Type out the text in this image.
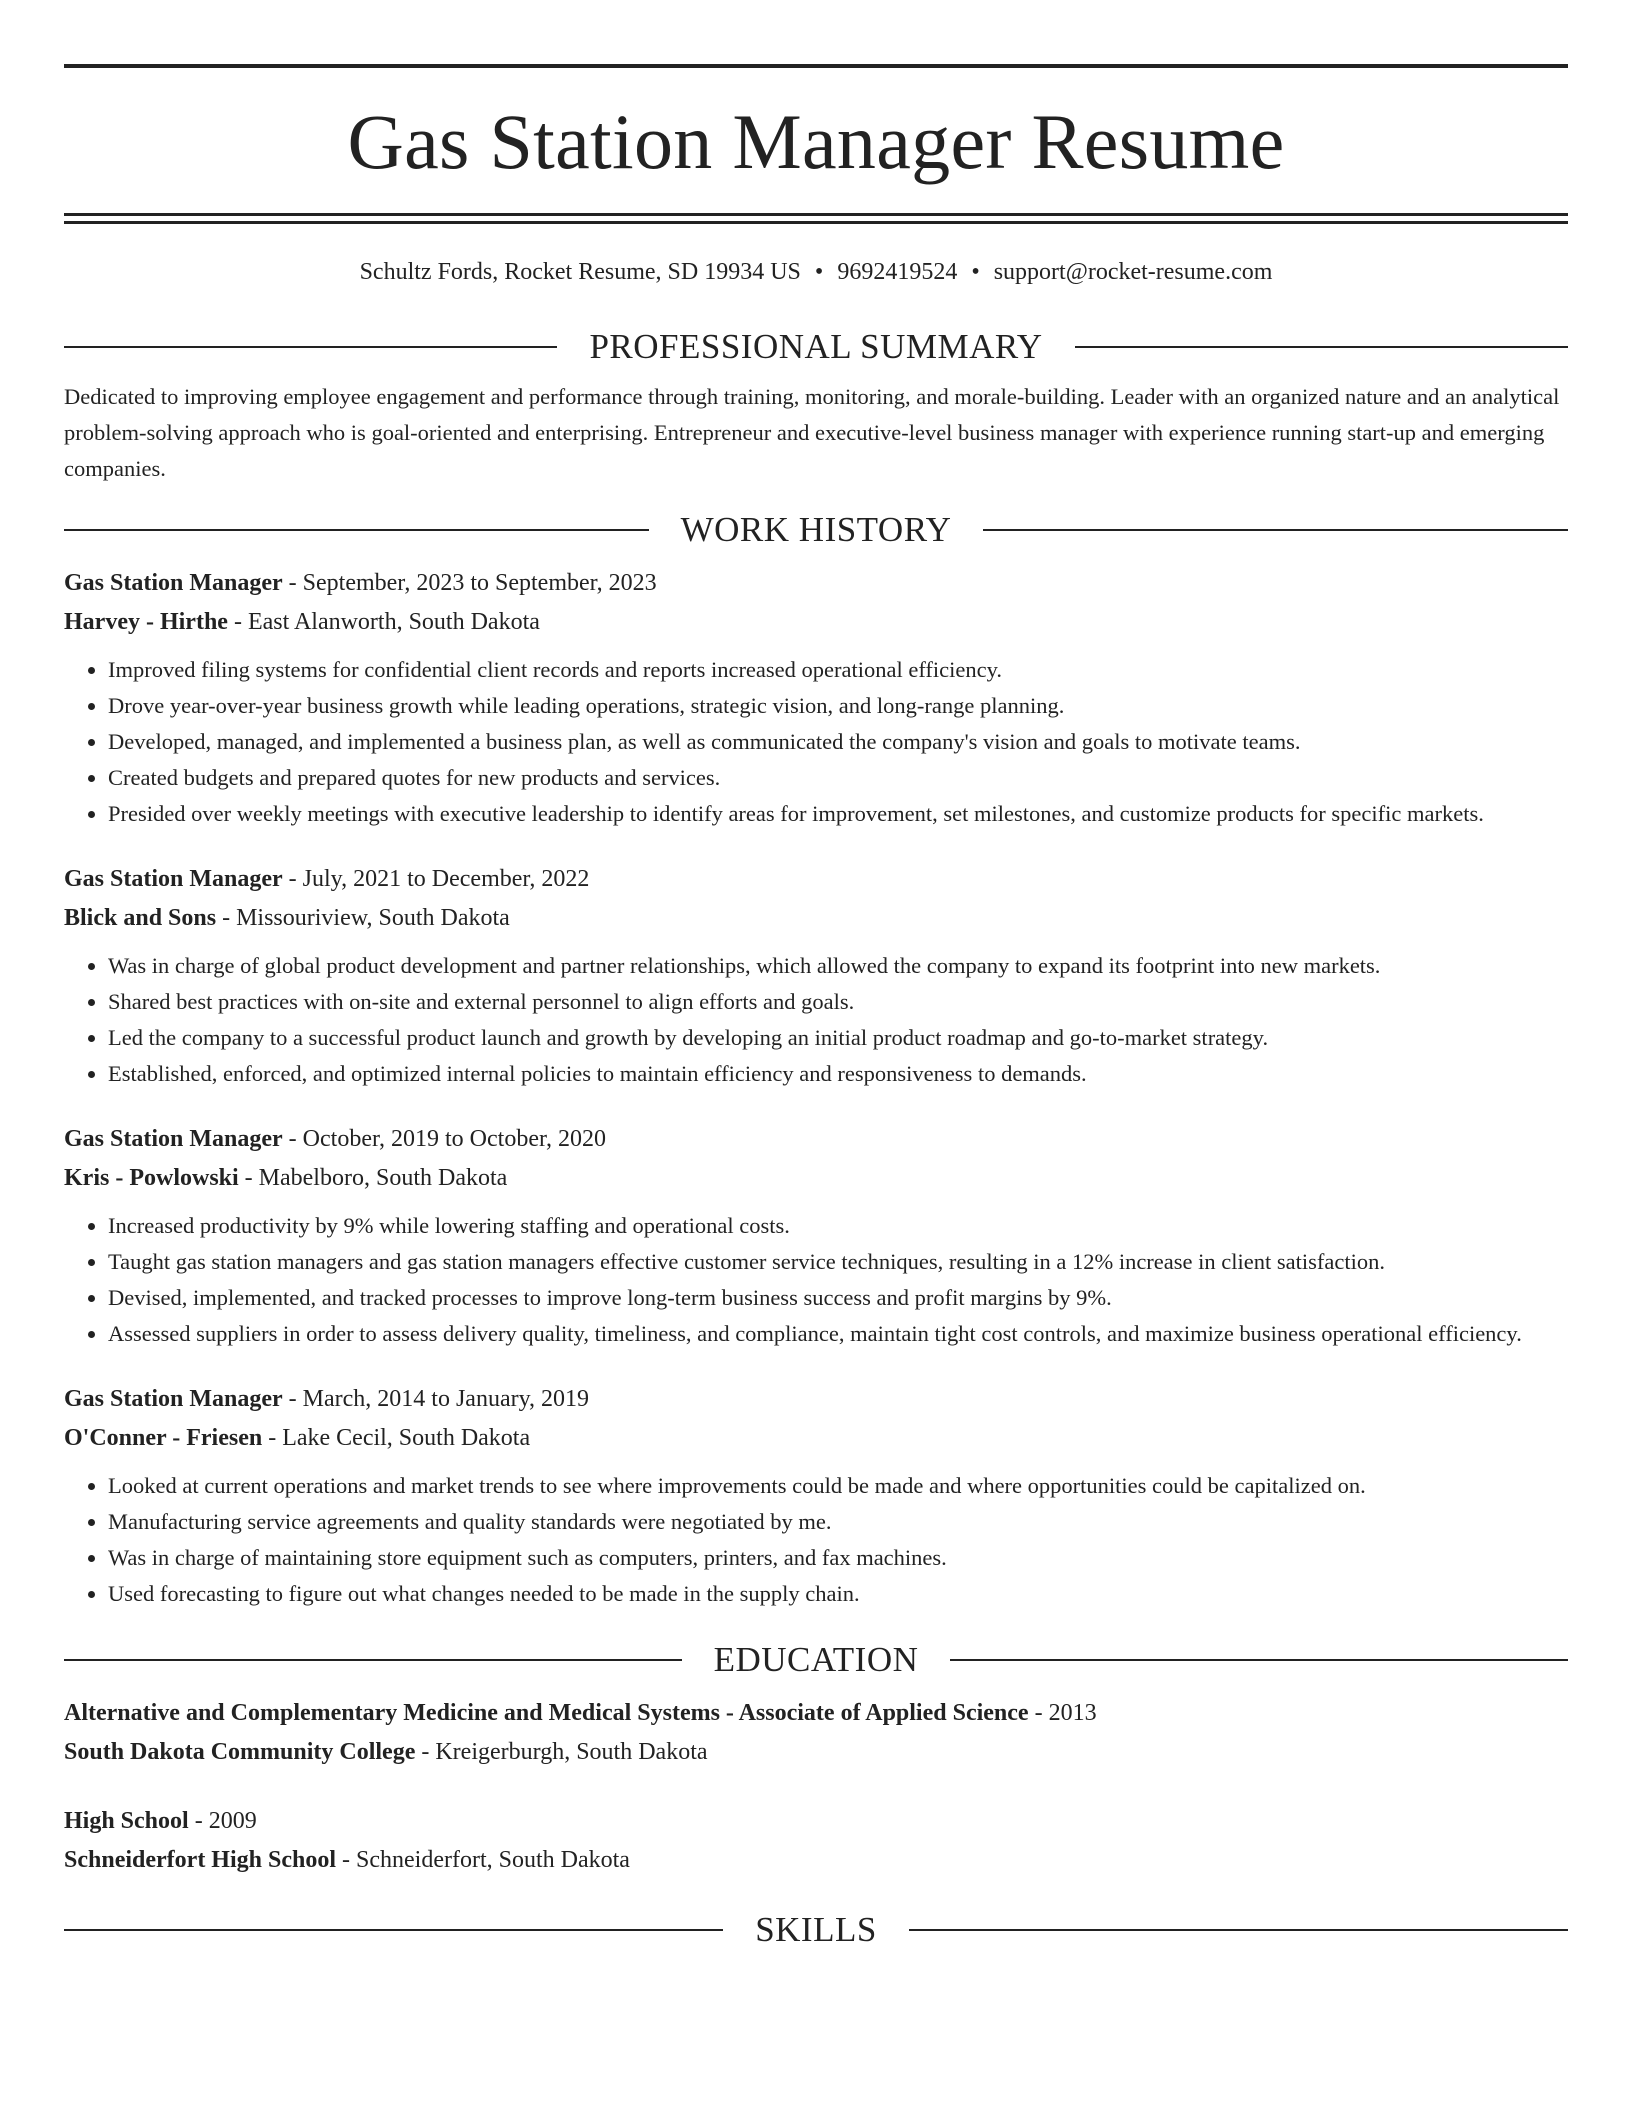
Gas Station Manager Resume
Schultz Fords, Rocket Resume, SD 19934 US • 9692419524 • support@rocket-resume.com
PROFESSIONAL SUMMARY

Dedicated to improving employee engagement and performance through training, monitoring, and morale-building. Leader with an organized nature and an analytical problem-solving approach who is goal-oriented and enterprising. Entrepreneur and executive-level business manager with experience running start-up and emerging companies.

WORK HISTORY
Gas Station Manager - September, 2023 to September, 2023
Harvey - Hirthe - East Alanworth, South Dakota
• Improved filing systems for confidential client records and reports increased operational efficiency.
• Drove year-over-year business growth while leading operations, strategic vision, and long-range planning.
• Developed, managed, and implemented a business plan, as well as communicated the company's vision and goals to motivate teams.
• Created budgets and prepared quotes for new products and services.
• Presided over weekly meetings with executive leadership to identify areas for improvement, set milestones, and customize products for specific markets.
Gas Station Manager - July, 2021 to December, 2022
Blick and Sons - Missouriview, South Dakota
• Was in charge of global product development and partner relationships, which allowed the company to expand its footprint into new markets.
• Shared best practices with on-site and external personnel to align efforts and goals.
• Led the company to a successful product launch and growth by developing an initial product roadmap and go-to-market strategy.
• Established, enforced, and optimized internal policies to maintain efficiency and responsiveness to demands.
Gas Station Manager - October, 2019 to October, 2020
Kris - Powlowski - Mabelboro, South Dakota
• Increased productivity by 9% while lowering staffing and operational costs.
• Taught gas station managers and gas station managers effective customer service techniques, resulting in a 12% increase in client satisfaction.
• Devised, implemented, and tracked processes to improve long-term business success and profit margins by 9%.
• Assessed suppliers in order to assess delivery quality, timeliness, and compliance, maintain tight cost controls, and maximize business operational efficiency.
Gas Station Manager - March, 2014 to January, 2019
O'Conner - Friesen - Lake Cecil, South Dakota
• Looked at current operations and market trends to see where improvements could be made and where opportunities could be capitalized on.
• Manufacturing service agreements and quality standards were negotiated by me.
• Was in charge of maintaining store equipment such as computers, printers, and fax machines.
• Used forecasting to figure out what changes needed to be made in the supply chain.
EDUCATION
Alternative and Complementary Medicine and Medical Systems - Associate of Applied Science - 2013
South Dakota Community College - Kreigerburgh, South Dakota
High School - 2009
Schneiderfort High School - Schneiderfort, South Dakota
SKILLS
